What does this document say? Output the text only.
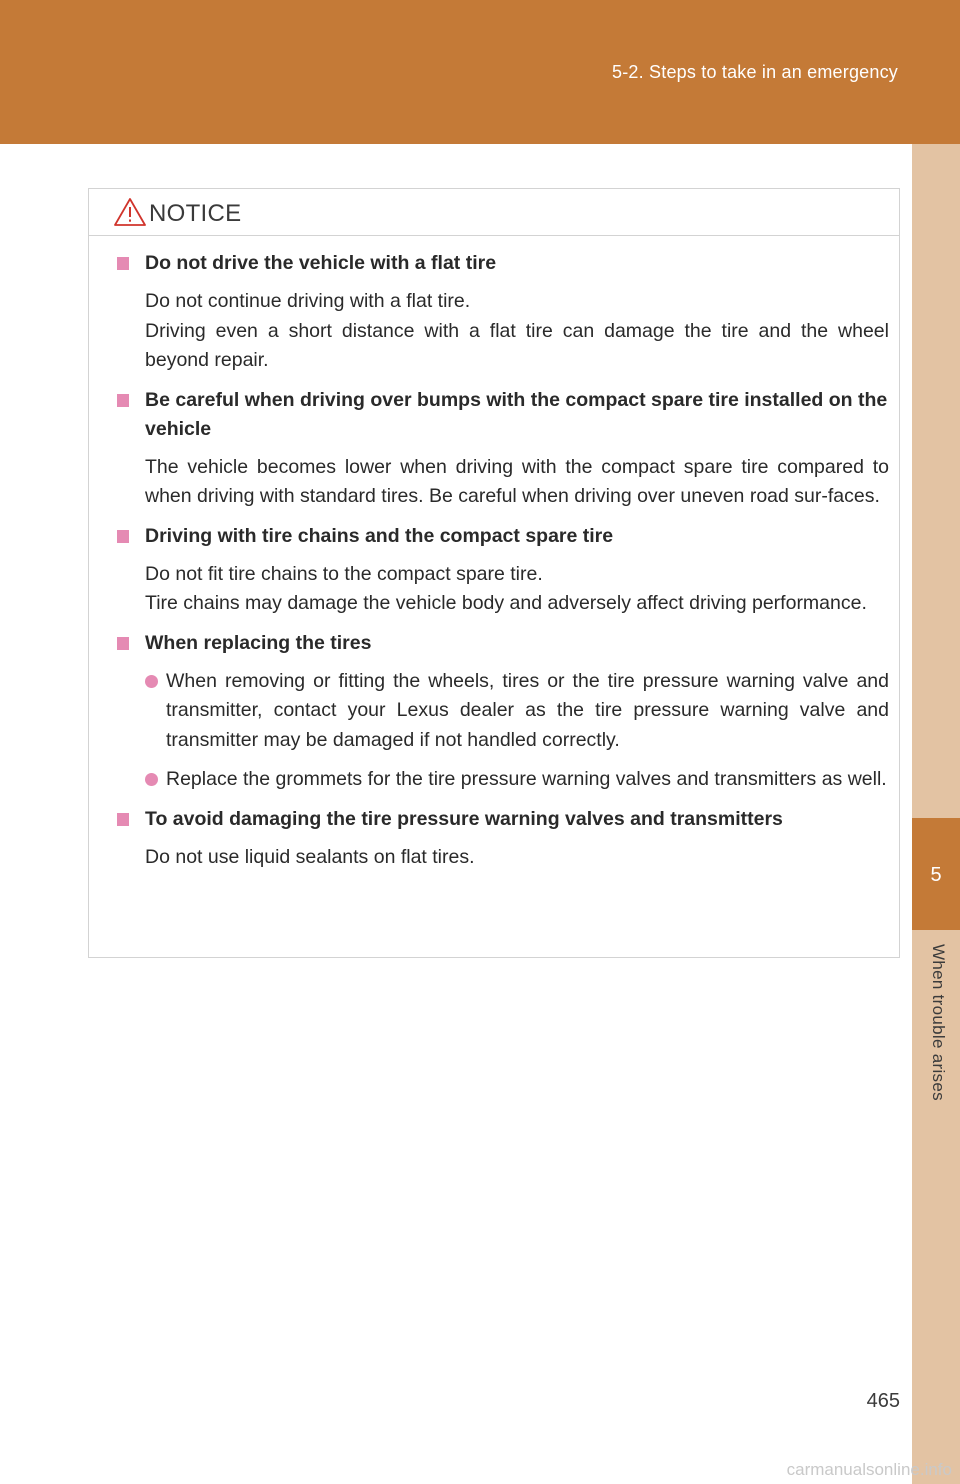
5-2. Steps to take in an emergency
5
When trouble arises
NOTICE
Do not drive the vehicle with a flat tire
Do not continue driving with a flat tire.
Driving even a short distance with a flat tire can damage the tire and the wheel beyond repair.
Be careful when driving over bumps with the compact spare tire installed on the vehicle
The vehicle becomes lower when driving with the compact spare tire compared to when driving with standard tires. Be careful when driving over uneven road sur-faces.
Driving with tire chains and the compact spare tire
Do not fit tire chains to the compact spare tire.
Tire chains may damage the vehicle body and adversely affect driving performance.
When replacing the tires
When removing or fitting the wheels, tires or the tire pressure warning valve and transmitter, contact your Lexus dealer as the tire pressure warning valve and transmitter may be damaged if not handled correctly.
Replace the grommets for the tire pressure warning valves and transmitters as well.
To avoid damaging the tire pressure warning valves and transmitters
Do not use liquid sealants on flat tires.
465
carmanualsonline.info
